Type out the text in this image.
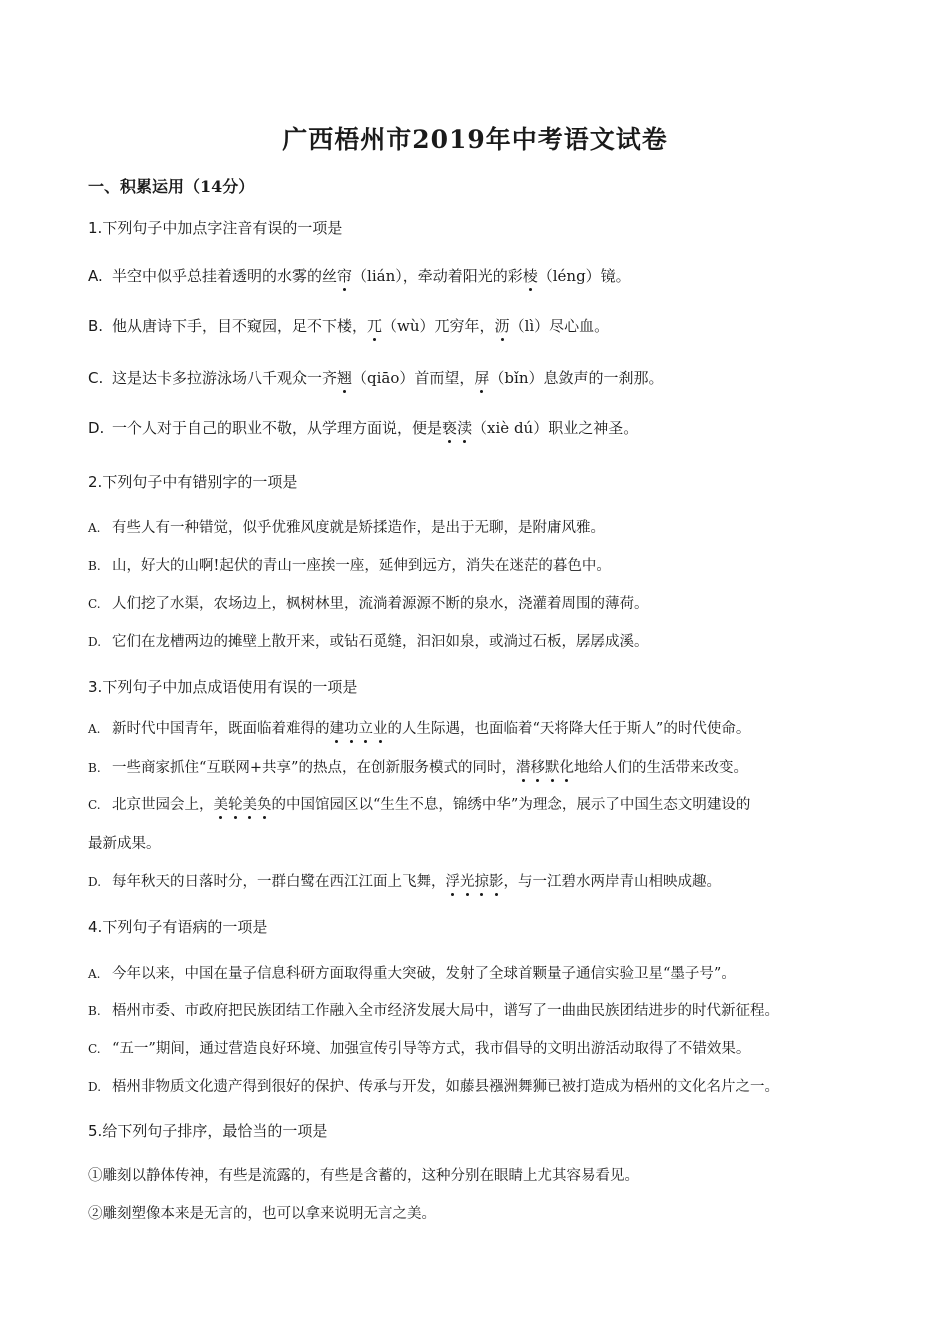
广西梧州市2019年中考语文试卷
一、积累运用（14分）
1.下列句子中加点字注音有误的一项是
A. 半空中似乎总挂着透明的水雾的丝帘（lián），牵动着阳光的彩棱（léng）镜。
B. 他从唐诗下手，目不窥园，足不下楼，兀（wù）兀穷年，沥（lì）尽心血。
C. 这是达卡多拉游泳场八千观众一齐翘（qiāo）首而望，屏（bǐn）息敛声的一刹那。
D. 一个人对于自己的职业不敬，从学理方面说，便是亵渎（xiè dú）职业之神圣。
2.下列句子中有错别字的一项是
A. 有些人有一种错觉，似乎优雅风度就是矫揉造作，是出于无聊，是附庸风雅。
B. 山，好大的山啊!起伏的青山一座挨一座，延伸到远方，消失在迷茫的暮色中。
C. 人们挖了水渠，农场边上，枫树林里，流淌着源源不断的泉水，浇灌着周围的薄荷。
D. 它们在龙槽两边的摊壁上散开来，或钻石觅缝，汩汩如泉，或淌过石板，孱孱成溪。
3.下列句子中加点成语使用有误的一项是
A. 新时代中国青年，既面临着难得的建功立业的人生际遇，也面临着“天将降大任于斯人”的时代使命。
B. 一些商家抓住“互联网+共享”的热点，在创新服务模式的同时，潜移默化地给人们的生活带来改变。
C. 北京世园会上，美轮美奂的中国馆园区以“生生不息，锦绣中华”为理念，展示了中国生态文明建设的
最新成果。
D. 每年秋天的日落时分，一群白鹭在西江江面上飞舞，浮光掠影，与一江碧水两岸青山相映成趣。
4.下列句子有语病的一项是
A. 今年以来，中国在量子信息科研方面取得重大突破，发射了全球首颗量子通信实验卫星“墨子号”。
B. 梧州市委、市政府把民族团结工作融入全市经济发展大局中，谱写了一曲曲民族团结进步的时代新征程。
C. “五一”期间，通过营造良好环境、加强宣传引导等方式，我市倡导的文明出游活动取得了不错效果。
D. 梧州非物质文化遗产得到很好的保护、传承与开发，如藤县襁洲舞狮已被打造成为梧州的文化名片之一。
5.给下列句子排序，最恰当的一项是
①雕刻以静体传神，有些是流露的，有些是含蓄的，这种分别在眼睛上尤其容易看见。
②雕刻塑像本来是无言的，也可以拿来说明无言之美。
